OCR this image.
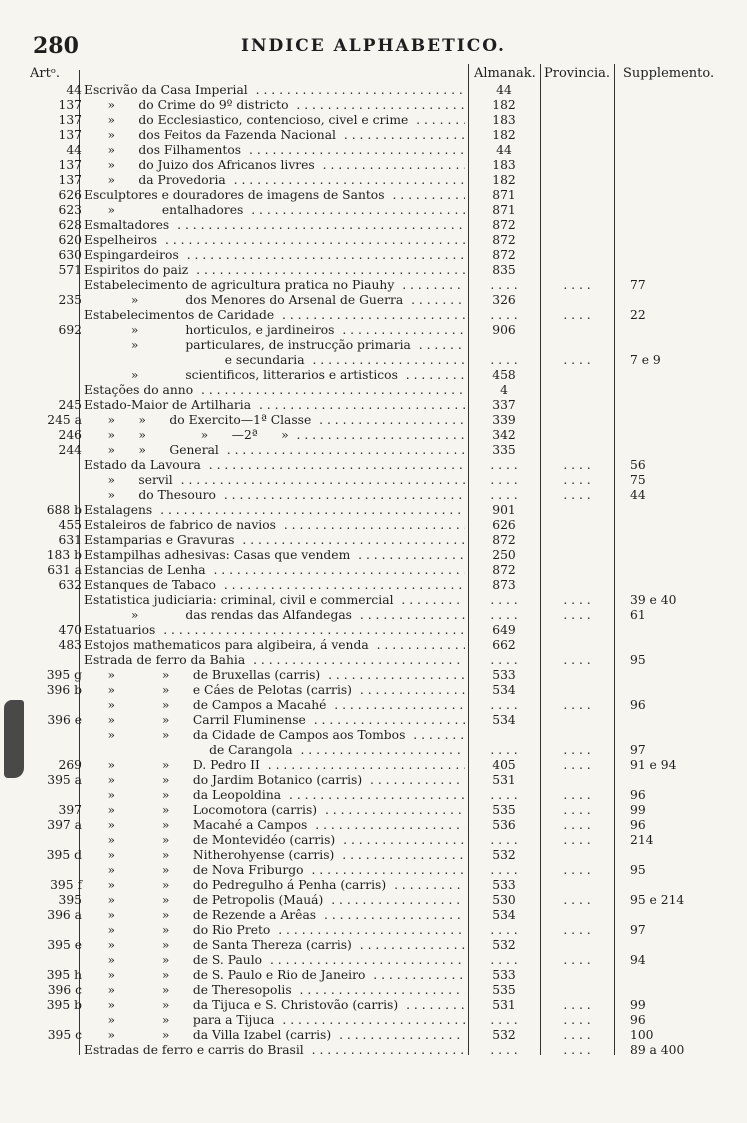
280	INDICE ALPHABETICO.
Artᵒ.	Almanak. Provincia. Supplemento.
44 Escrivão da Casa Imperial . . .	44
137 »      do Crime do 9º districto . . .	182
137 »      do Ecclesiastico, contencioso, civel e crime . . .	183
137 »      dos Feitos da Fazenda Nacional . . .	182
44 »      dos Filhamentos . . .	44
137 »      do Juizo dos Africanos livres . . .	183
137 »      da Provedoria . . .	182
626 Esculptores e douradores de imagens de Santos . . .	871
623 »            entalhadores . . .	871
628 Esmaltadores . . .	872
620 Espelheiros . . .	872
630 Espingardeiros . . .	872
571 Espiritos do paiz . . .	835
Estabelecimento de agricultura pratica no Piauhy . . .	. . . .	. . . .	77
235 »            dos Menores do Arsenal de Guerra . . .	326
Estabelecimentos de Caridade . . .	. . . .	. . . .	22
692 »            horticulos, e jardineiros . . .	906
»            particulares, de instrucção primaria . . .
e secundaria . . .	. . . .	. . . .	7 e 9
»            scientificos, litterarios e artisticos . . .	458
Estações do anno . . .	4
245 Estado-Maior de Artilharia . . .	337
245 a »      »      do Exercito—1ª Classe . . .	339
246 »      »              »      —2ª      » . . .	342
244 »      »      General . . .	335
Estado da Lavoura . . .	. . . .	. . . .	56
»      servil . . .	. . . .	. . . .	75
»      do Thesouro . . .	. . . .	. . . .	44
688 b Estalagens . . .	901
455 Estaleiros de fabrico de navios . . .	626
631 Estamparias e Gravuras . . .	872
183 b Estampilhas adhesivas: Casas que vendem . . .	250
631 a Estancias de Lenha . . .	872
632 Estanques de Tabaco . . .	873
Estatistica judiciaria: criminal, civil e commercial . . .	. . . .	. . . .	39 e 40
»            das rendas das Alfandegas . . .	. . . .	. . . .	61
470 Estatuarios . . .	649
483 Estojos mathematicos para algibeira, á venda . . .	662
Estrada de ferro da Bahia . . .	. . . .	. . . .	95
395 g »            »      de Bruxellas (carris) . . .	533
396 b »            »      e Cáes de Pelotas (carris) . . .	534
»            »      de Campos a Macahé . . .	. . . .	. . . .	96
396 e »            »      Carril Fluminense . . .	534
»            »      da Cidade de Campos aos Tombos . . .
de Carangola . . .	. . . .	. . . .	97
269 »            »      D. Pedro II . . .	405	. . . .	91 e 94
395 a »            »      do Jardim Botanico (carris) . . .	531
»            »      da Leopoldina . . .	. . . .	. . . .	96
397 »            »      Locomotora (carris) . . .	535	. . . .	99
397 a »            »      Macahé a Campos . . .	536	. . . .	96
»            »      de Montevidéo (carris) . . .	. . . .	. . . .	214
395 d »            »      Nitherohyense (carris) . . .	532
»            »      de Nova Friburgo . . .	. . . .	. . . .	95
395 f »            »      do Pedregulho á Penha (carris) . . .	533
395 »            »      de Petropolis (Mauá) . . .	530	. . . .	95 e 214
396 a »            »      de Rezende a Arêas . . .	534
»            »      do Rio Preto . . .	. . . .	. . . .	97
395 e »            »      de Santa Thereza (carris) . . .	532
»            »      de S. Paulo . . .	. . . .	. . . .	94
395 h »            »      de S. Paulo e Rio de Janeiro . . .	533
396 c »            »      de Theresopolis . . .	535
395 b »            »      da Tijuca e S. Christovão (carris) . . .	531	. . . .	99
»            »      para a Tijuca . . .	. . . .	. . . .	96
395 c »            »      da Villa Izabel (carris) . . .	532	. . . .	100
Estradas de ferro e carris do Brasil . . .	. . . .	. . . .	89 a 400
